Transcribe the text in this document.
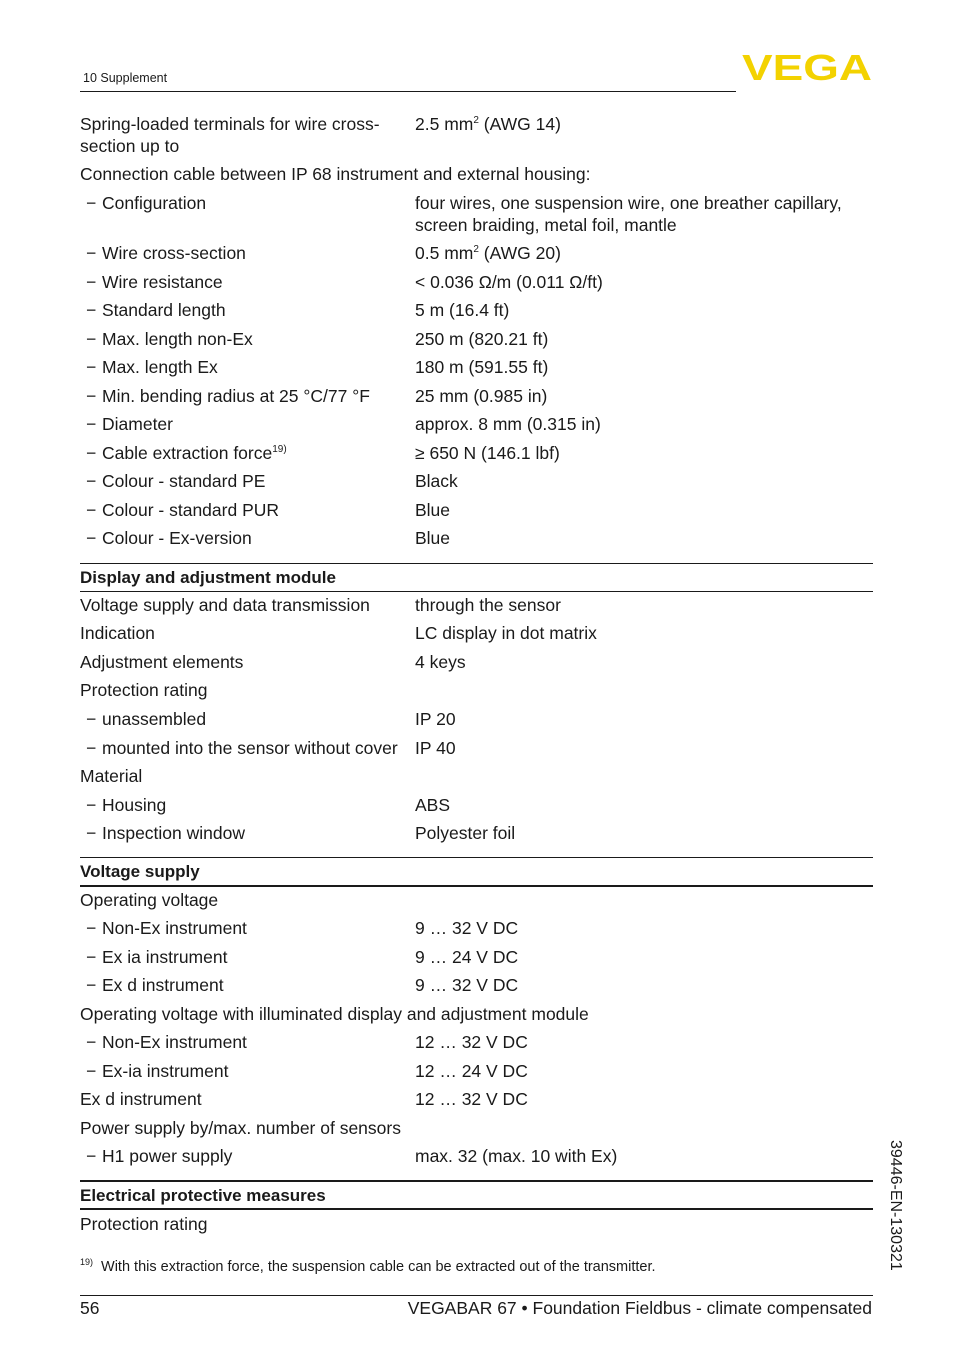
10 Supplement	VEGA
Spring-loaded terminals for wire cross-section up to
2.5 $mm^2$ (AWG 14)
Connection cable between IP 68 instrument and external housing:
− Configuration	four wires, one suspension wire, one breather capillary, screen braiding, metal foil, mantle
− Wire cross-section	0.5 $mm^2$ (AWG 20)
− Wire resistance	< 0.036 Ω/m (0.011 Ω/ft)
− Standard length	5 m (16.4 ft)
− Max. length non-Ex	250 m (820.21 ft)
− Max. length Ex	180 m (591.55 ft)
− Min. bending radius at 25 °C/77 °F	25 mm (0.985 in)
− Diameter	approx. 8 mm (0.315 in)
− Cable extraction force$^{19)}$	≥ 650 N (146.1 lbf)
− Colour - standard PE	Black
− Colour - standard PUR	Blue
− Colour - Ex-version	Blue
Display and adjustment module
Voltage supply and data transmission	through the sensor
Indication	LC display in dot matrix
Adjustment elements	4 keys
Protection rating
− unassembled	IP 20
− mounted into the sensor without cover IP 40
Material
− Housing	ABS
− Inspection window	Polyester foil
Voltage supply
Operating voltage
− Non-Ex instrument	9 … 32 V DC
− Ex ia instrument	9 … 24 V DC
− Ex d instrument	9 … 32 V DC
Operating voltage with illuminated display and adjustment module
− Non-Ex instrument	12 … 32 V DC
− Ex-ia instrument	12 … 24 V DC
Ex d instrument	12 … 32 V DC
Power supply by/max. number of sensors
− H1 power supply	max. 32 (max. 10 with Ex)
Electrical protective measures
Protection rating
$^{19)}$ With this extraction force, the suspension cable can be extracted out of the transmitter.
56	VEGABAR 67 • Foundation Fieldbus - climate compensated
39446-EN-130321
